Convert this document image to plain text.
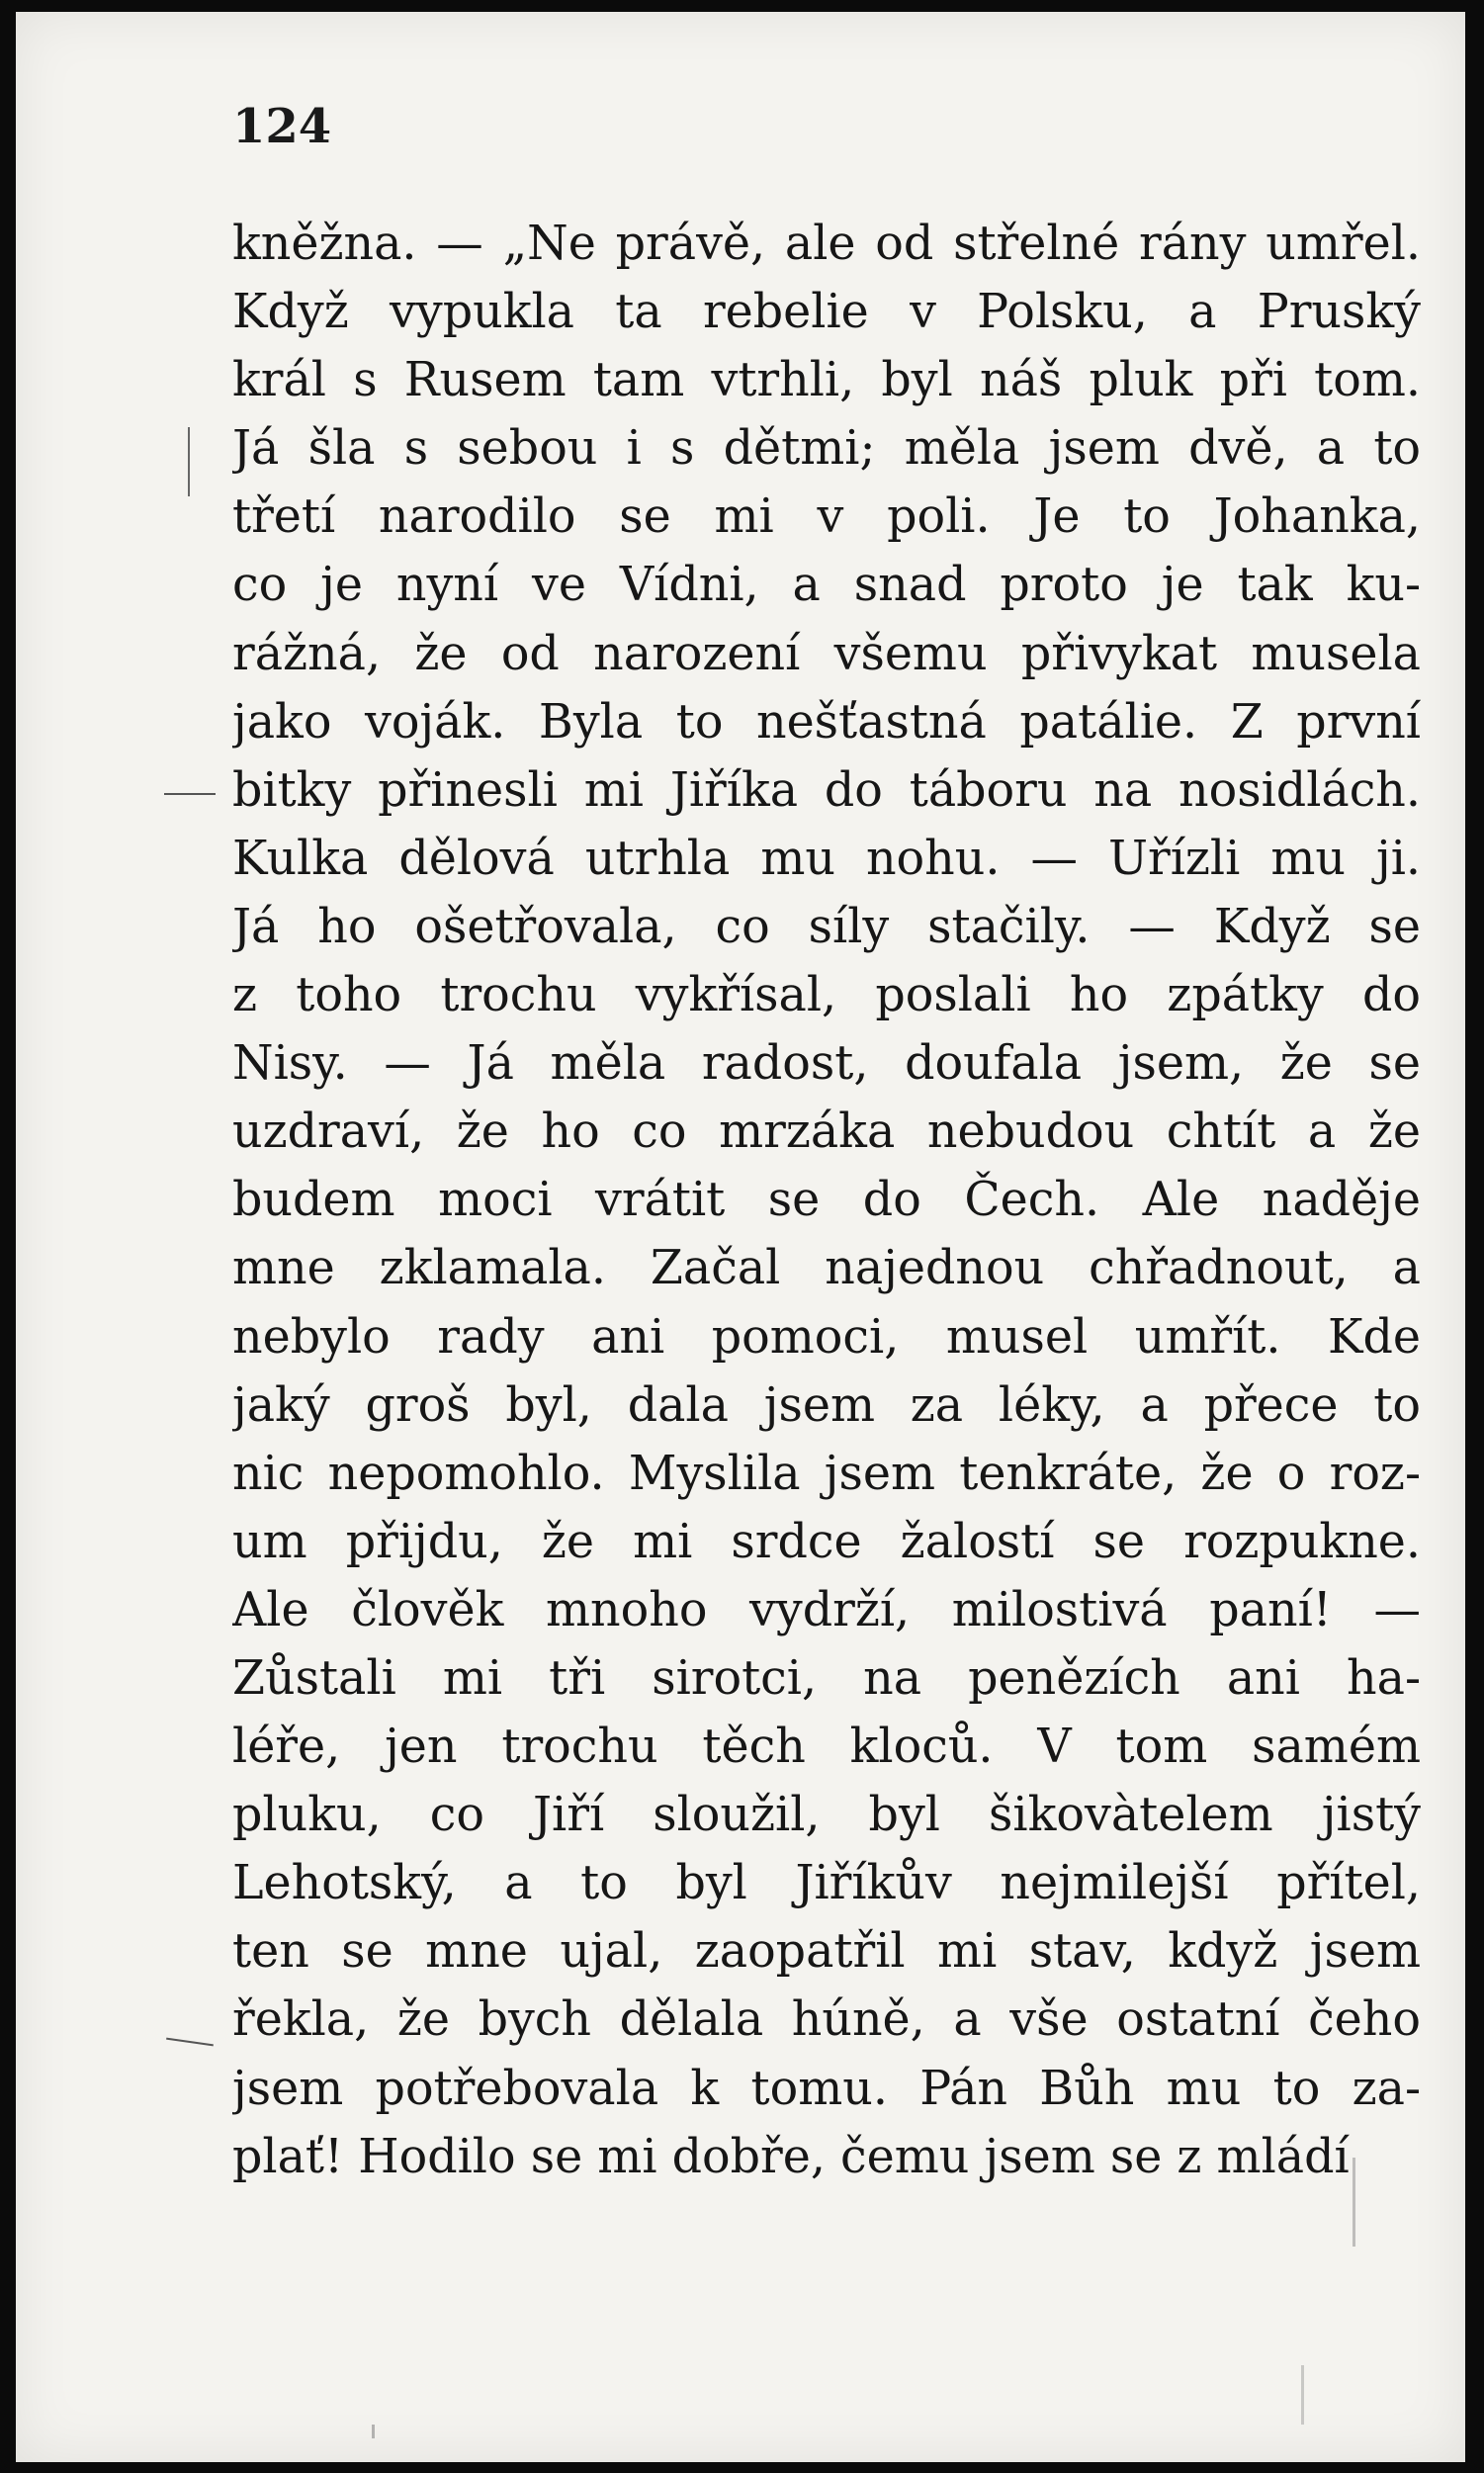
124
kněžna. — „Ne právě, ale od střelné rány umřel.
Když vypukla ta rebelie v Polsku, a Pruský
král s Rusem tam vtrhli, byl náš pluk při tom.
Já šla s sebou i s dětmi; měla jsem dvě, a to
třetí narodilo se mi v poli. Je to Johanka,
co je nyní ve Vídni, a snad proto je tak ku-
rážná, že od narození všemu přivykat musela
jako voják. Byla to nešťastná patálie. Z první
bitky přinesli mi Jiříka do táboru na nosidlách.
Kulka dělová utrhla mu nohu. — Uřízli mu ji.
Já ho ošetřovala, co síly stačily. — Když se
z toho trochu vykřísal, poslali ho zpátky do
Nisy. — Já měla radost, doufala jsem, že se
uzdraví, že ho co mrzáka nebudou chtít a že
budem moci vrátit se do Čech. Ale naděje
mne zklamala. Začal najednou chřadnout, a
nebylo rady ani pomoci, musel umřít. Kde
jaký groš byl, dala jsem za léky, a přece to
nic nepomohlo. Myslila jsem tenkráte, že o roz-
um přijdu, že mi srdce žalostí se rozpukne.
Ale člověk mnoho vydrží, milostivá paní! —
Zůstali mi tři sirotci, na penězích ani ha-
léře, jen trochu těch kloců. V tom samém
pluku, co Jiří sloužil, byl šikovàtelem jistý
Lehotský, a to byl Jiříkův nejmilejší přítel,
ten se mne ujal, zaopatřil mi stav, když jsem
řekla, že bych dělala húně, a vše ostatní čeho
jsem potřebovala k tomu. Pán Bůh mu to za-
plať! Hodilo se mi dobře, čemu jsem se z mládí
